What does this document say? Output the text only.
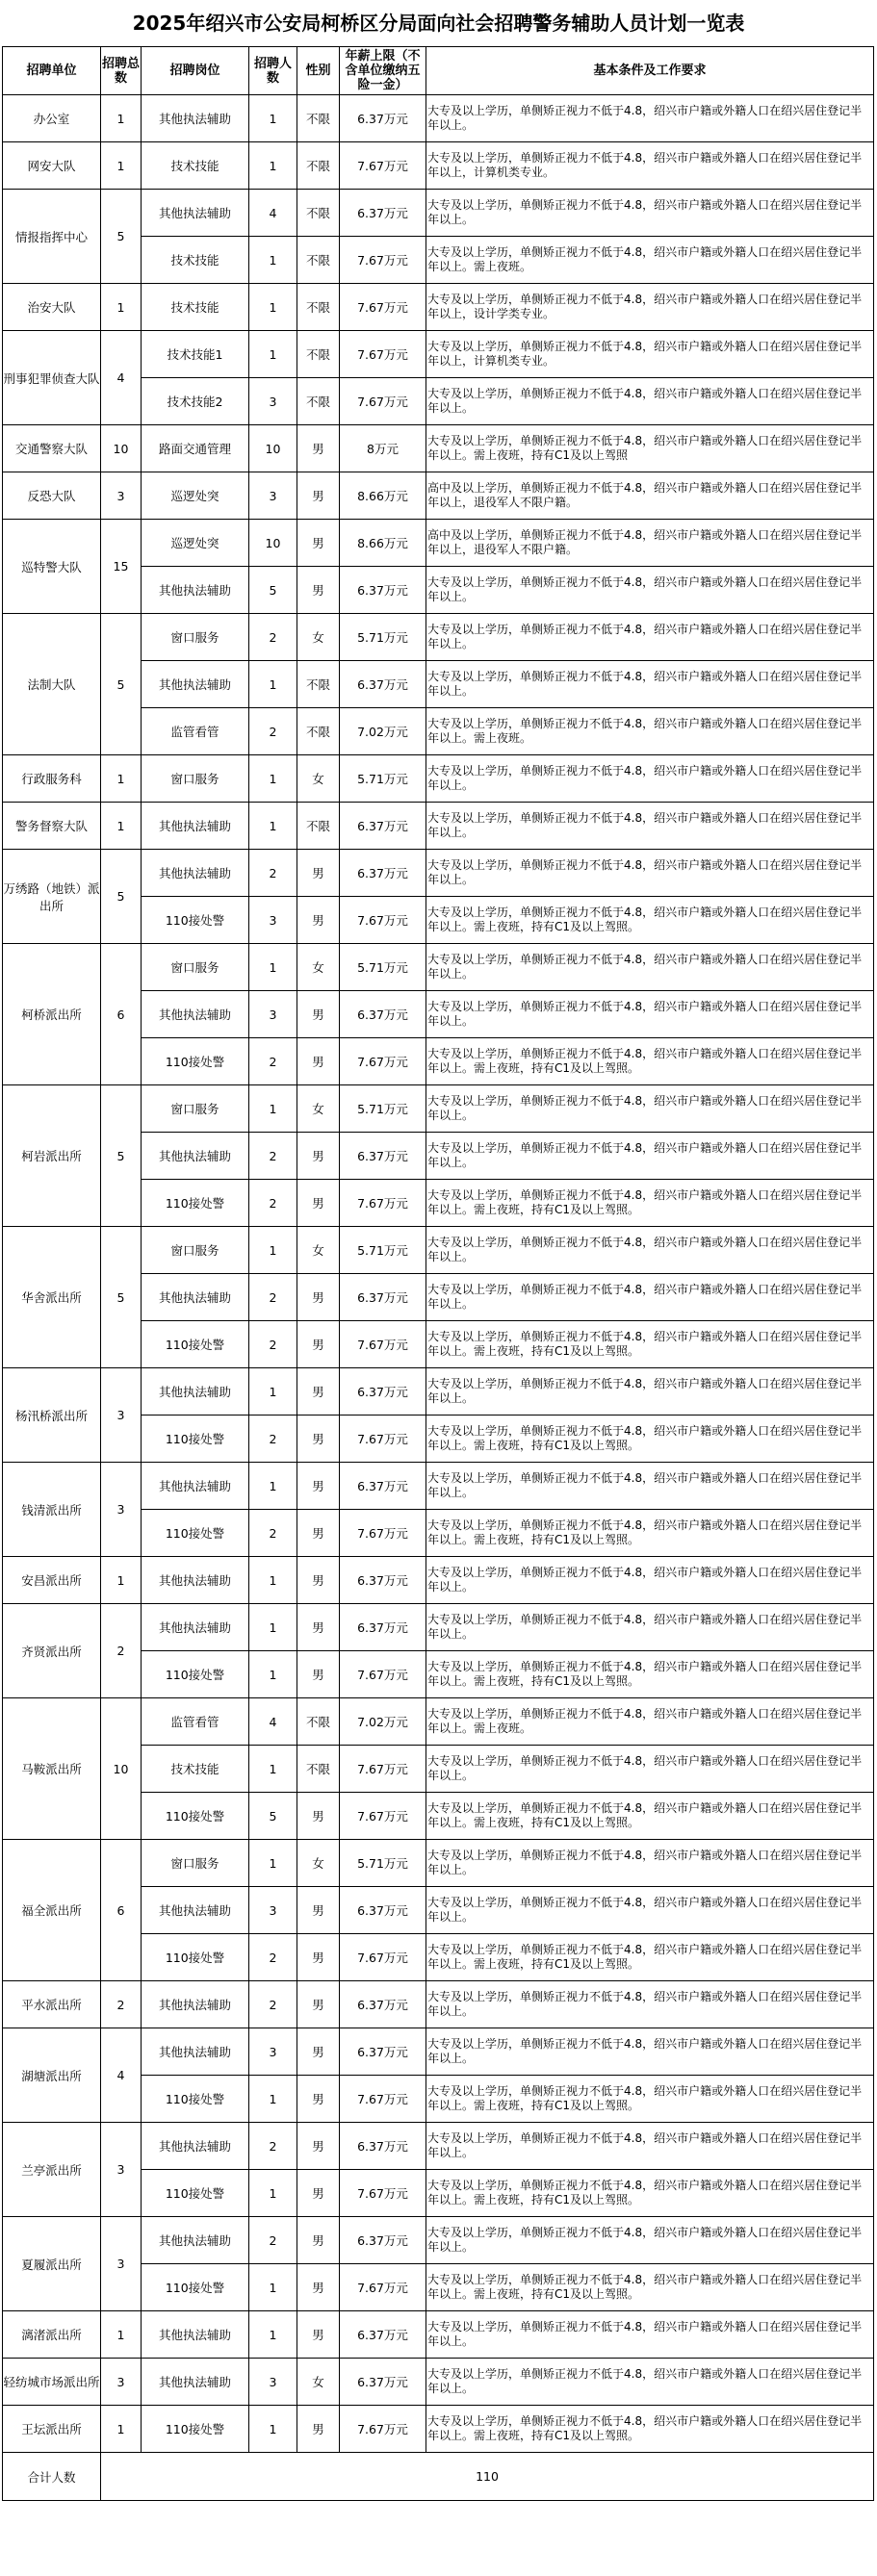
2025年绍兴市公安局柯桥区分局面向社会招聘警务辅助人员计划一览表
招聘单位	招聘总数	招聘岗位	招聘人数	性别	年薪上限（不含单位缴纳五险一金）	基本条件及工作要求
办公室	1	其他执法辅助	1	不限	6.37万元	大专及以上学历，单侧矫正视力不低于4.8，绍兴市户籍或外籍人口在绍兴居住登记半年以上。
网安大队	1	技术技能	1	不限	7.67万元	大专及以上学历，单侧矫正视力不低于4.8，绍兴市户籍或外籍人口在绍兴居住登记半年以上，计算机类专业。
情报指挥中心	5	其他执法辅助	4	不限	6.37万元	大专及以上学历，单侧矫正视力不低于4.8，绍兴市户籍或外籍人口在绍兴居住登记半年以上。
		技术技能	1	不限	7.67万元	大专及以上学历，单侧矫正视力不低于4.8，绍兴市户籍或外籍人口在绍兴居住登记半年以上。需上夜班。
治安大队	1	技术技能	1	不限	7.67万元	大专及以上学历，单侧矫正视力不低于4.8，绍兴市户籍或外籍人口在绍兴居住登记半年以上，设计学类专业。
刑事犯罪侦查大队	4	技术技能1	1	不限	7.67万元	大专及以上学历，单侧矫正视力不低于4.8，绍兴市户籍或外籍人口在绍兴居住登记半年以上，计算机类专业。
		技术技能2	3	不限	7.67万元	大专及以上学历，单侧矫正视力不低于4.8，绍兴市户籍或外籍人口在绍兴居住登记半年以上。
交通警察大队	10	路面交通管理	10	男	8万元	大专及以上学历，单侧矫正视力不低于4.8，绍兴市户籍或外籍人口在绍兴居住登记半年以上。需上夜班，持有C1及以上驾照
反恐大队	3	巡逻处突	3	男	8.66万元	高中及以上学历，单侧矫正视力不低于4.8，绍兴市户籍或外籍人口在绍兴居住登记半年以上，退役军人不限户籍。
巡特警大队	15	巡逻处突	10	男	8.66万元	高中及以上学历，单侧矫正视力不低于4.8，绍兴市户籍或外籍人口在绍兴居住登记半年以上，退役军人不限户籍。
		其他执法辅助	5	男	6.37万元	大专及以上学历，单侧矫正视力不低于4.8，绍兴市户籍或外籍人口在绍兴居住登记半年以上。
法制大队	5	窗口服务	2	女	5.71万元	大专及以上学历，单侧矫正视力不低于4.8，绍兴市户籍或外籍人口在绍兴居住登记半年以上。
		其他执法辅助	1	不限	6.37万元	大专及以上学历，单侧矫正视力不低于4.8，绍兴市户籍或外籍人口在绍兴居住登记半年以上。
		监管看管	2	不限	7.02万元	大专及以上学历，单侧矫正视力不低于4.8，绍兴市户籍或外籍人口在绍兴居住登记半年以上。需上夜班。
行政服务科	1	窗口服务	1	女	5.71万元	大专及以上学历，单侧矫正视力不低于4.8，绍兴市户籍或外籍人口在绍兴居住登记半年以上。
警务督察大队	1	其他执法辅助	1	不限	6.37万元	大专及以上学历，单侧矫正视力不低于4.8，绍兴市户籍或外籍人口在绍兴居住登记半年以上。
万绣路（地铁）派出所	5	其他执法辅助	2	男	6.37万元	大专及以上学历，单侧矫正视力不低于4.8，绍兴市户籍或外籍人口在绍兴居住登记半年以上。
		110接处警	3	男	7.67万元	大专及以上学历，单侧矫正视力不低于4.8，绍兴市户籍或外籍人口在绍兴居住登记半年以上。需上夜班，持有C1及以上驾照。
柯桥派出所	6	窗口服务	1	女	5.71万元	大专及以上学历，单侧矫正视力不低于4.8，绍兴市户籍或外籍人口在绍兴居住登记半年以上。
		其他执法辅助	3	男	6.37万元	大专及以上学历，单侧矫正视力不低于4.8，绍兴市户籍或外籍人口在绍兴居住登记半年以上。
		110接处警	2	男	7.67万元	大专及以上学历，单侧矫正视力不低于4.8，绍兴市户籍或外籍人口在绍兴居住登记半年以上。需上夜班，持有C1及以上驾照。
柯岩派出所	5	窗口服务	1	女	5.71万元	大专及以上学历，单侧矫正视力不低于4.8，绍兴市户籍或外籍人口在绍兴居住登记半年以上。
		其他执法辅助	2	男	6.37万元	大专及以上学历，单侧矫正视力不低于4.8，绍兴市户籍或外籍人口在绍兴居住登记半年以上。
		110接处警	2	男	7.67万元	大专及以上学历，单侧矫正视力不低于4.8，绍兴市户籍或外籍人口在绍兴居住登记半年以上。需上夜班，持有C1及以上驾照。
华舍派出所	5	窗口服务	1	女	5.71万元	大专及以上学历，单侧矫正视力不低于4.8，绍兴市户籍或外籍人口在绍兴居住登记半年以上。
		其他执法辅助	2	男	6.37万元	大专及以上学历，单侧矫正视力不低于4.8，绍兴市户籍或外籍人口在绍兴居住登记半年以上。
		110接处警	2	男	7.67万元	大专及以上学历，单侧矫正视力不低于4.8，绍兴市户籍或外籍人口在绍兴居住登记半年以上。需上夜班，持有C1及以上驾照。
杨汛桥派出所	3	其他执法辅助	1	男	6.37万元	大专及以上学历，单侧矫正视力不低于4.8，绍兴市户籍或外籍人口在绍兴居住登记半年以上。
		110接处警	2	男	7.67万元	大专及以上学历，单侧矫正视力不低于4.8，绍兴市户籍或外籍人口在绍兴居住登记半年以上。需上夜班，持有C1及以上驾照。
钱清派出所	3	其他执法辅助	1	男	6.37万元	大专及以上学历，单侧矫正视力不低于4.8，绍兴市户籍或外籍人口在绍兴居住登记半年以上。
		110接处警	2	男	7.67万元	大专及以上学历，单侧矫正视力不低于4.8，绍兴市户籍或外籍人口在绍兴居住登记半年以上。需上夜班，持有C1及以上驾照。
安昌派出所	1	其他执法辅助	1	男	6.37万元	大专及以上学历，单侧矫正视力不低于4.8，绍兴市户籍或外籍人口在绍兴居住登记半年以上。
齐贤派出所	2	其他执法辅助	1	男	6.37万元	大专及以上学历，单侧矫正视力不低于4.8，绍兴市户籍或外籍人口在绍兴居住登记半年以上。
		110接处警	1	男	7.67万元	大专及以上学历，单侧矫正视力不低于4.8，绍兴市户籍或外籍人口在绍兴居住登记半年以上。需上夜班，持有C1及以上驾照。
马鞍派出所	10	监管看管	4	不限	7.02万元	大专及以上学历，单侧矫正视力不低于4.8，绍兴市户籍或外籍人口在绍兴居住登记半年以上。需上夜班。
		技术技能	1	不限	7.67万元	大专及以上学历，单侧矫正视力不低于4.8，绍兴市户籍或外籍人口在绍兴居住登记半年以上。
		110接处警	5	男	7.67万元	大专及以上学历，单侧矫正视力不低于4.8，绍兴市户籍或外籍人口在绍兴居住登记半年以上。需上夜班，持有C1及以上驾照。
福全派出所	6	窗口服务	1	女	5.71万元	大专及以上学历，单侧矫正视力不低于4.8，绍兴市户籍或外籍人口在绍兴居住登记半年以上。
		其他执法辅助	3	男	6.37万元	大专及以上学历，单侧矫正视力不低于4.8，绍兴市户籍或外籍人口在绍兴居住登记半年以上。
		110接处警	2	男	7.67万元	大专及以上学历，单侧矫正视力不低于4.8，绍兴市户籍或外籍人口在绍兴居住登记半年以上。需上夜班，持有C1及以上驾照。
平水派出所	2	其他执法辅助	2	男	6.37万元	大专及以上学历，单侧矫正视力不低于4.8，绍兴市户籍或外籍人口在绍兴居住登记半年以上。
湖塘派出所	4	其他执法辅助	3	男	6.37万元	大专及以上学历，单侧矫正视力不低于4.8，绍兴市户籍或外籍人口在绍兴居住登记半年以上。
		110接处警	1	男	7.67万元	大专及以上学历，单侧矫正视力不低于4.8，绍兴市户籍或外籍人口在绍兴居住登记半年以上。需上夜班，持有C1及以上驾照。
兰亭派出所	3	其他执法辅助	2	男	6.37万元	大专及以上学历，单侧矫正视力不低于4.8，绍兴市户籍或外籍人口在绍兴居住登记半年以上。
		110接处警	1	男	7.67万元	大专及以上学历，单侧矫正视力不低于4.8，绍兴市户籍或外籍人口在绍兴居住登记半年以上。需上夜班，持有C1及以上驾照。
夏履派出所	3	其他执法辅助	2	男	6.37万元	大专及以上学历，单侧矫正视力不低于4.8，绍兴市户籍或外籍人口在绍兴居住登记半年以上。
		110接处警	1	男	7.67万元	大专及以上学历，单侧矫正视力不低于4.8，绍兴市户籍或外籍人口在绍兴居住登记半年以上。需上夜班，持有C1及以上驾照。
漓渚派出所	1	其他执法辅助	1	男	6.37万元	大专及以上学历，单侧矫正视力不低于4.8，绍兴市户籍或外籍人口在绍兴居住登记半年以上。
轻纺城市场派出所	3	其他执法辅助	3	女	6.37万元	大专及以上学历，单侧矫正视力不低于4.8，绍兴市户籍或外籍人口在绍兴居住登记半年以上。
王坛派出所	1	110接处警	1	男	7.67万元	大专及以上学历，单侧矫正视力不低于4.8，绍兴市户籍或外籍人口在绍兴居住登记半年以上。需上夜班，持有C1及以上驾照。
合计人数	110					
